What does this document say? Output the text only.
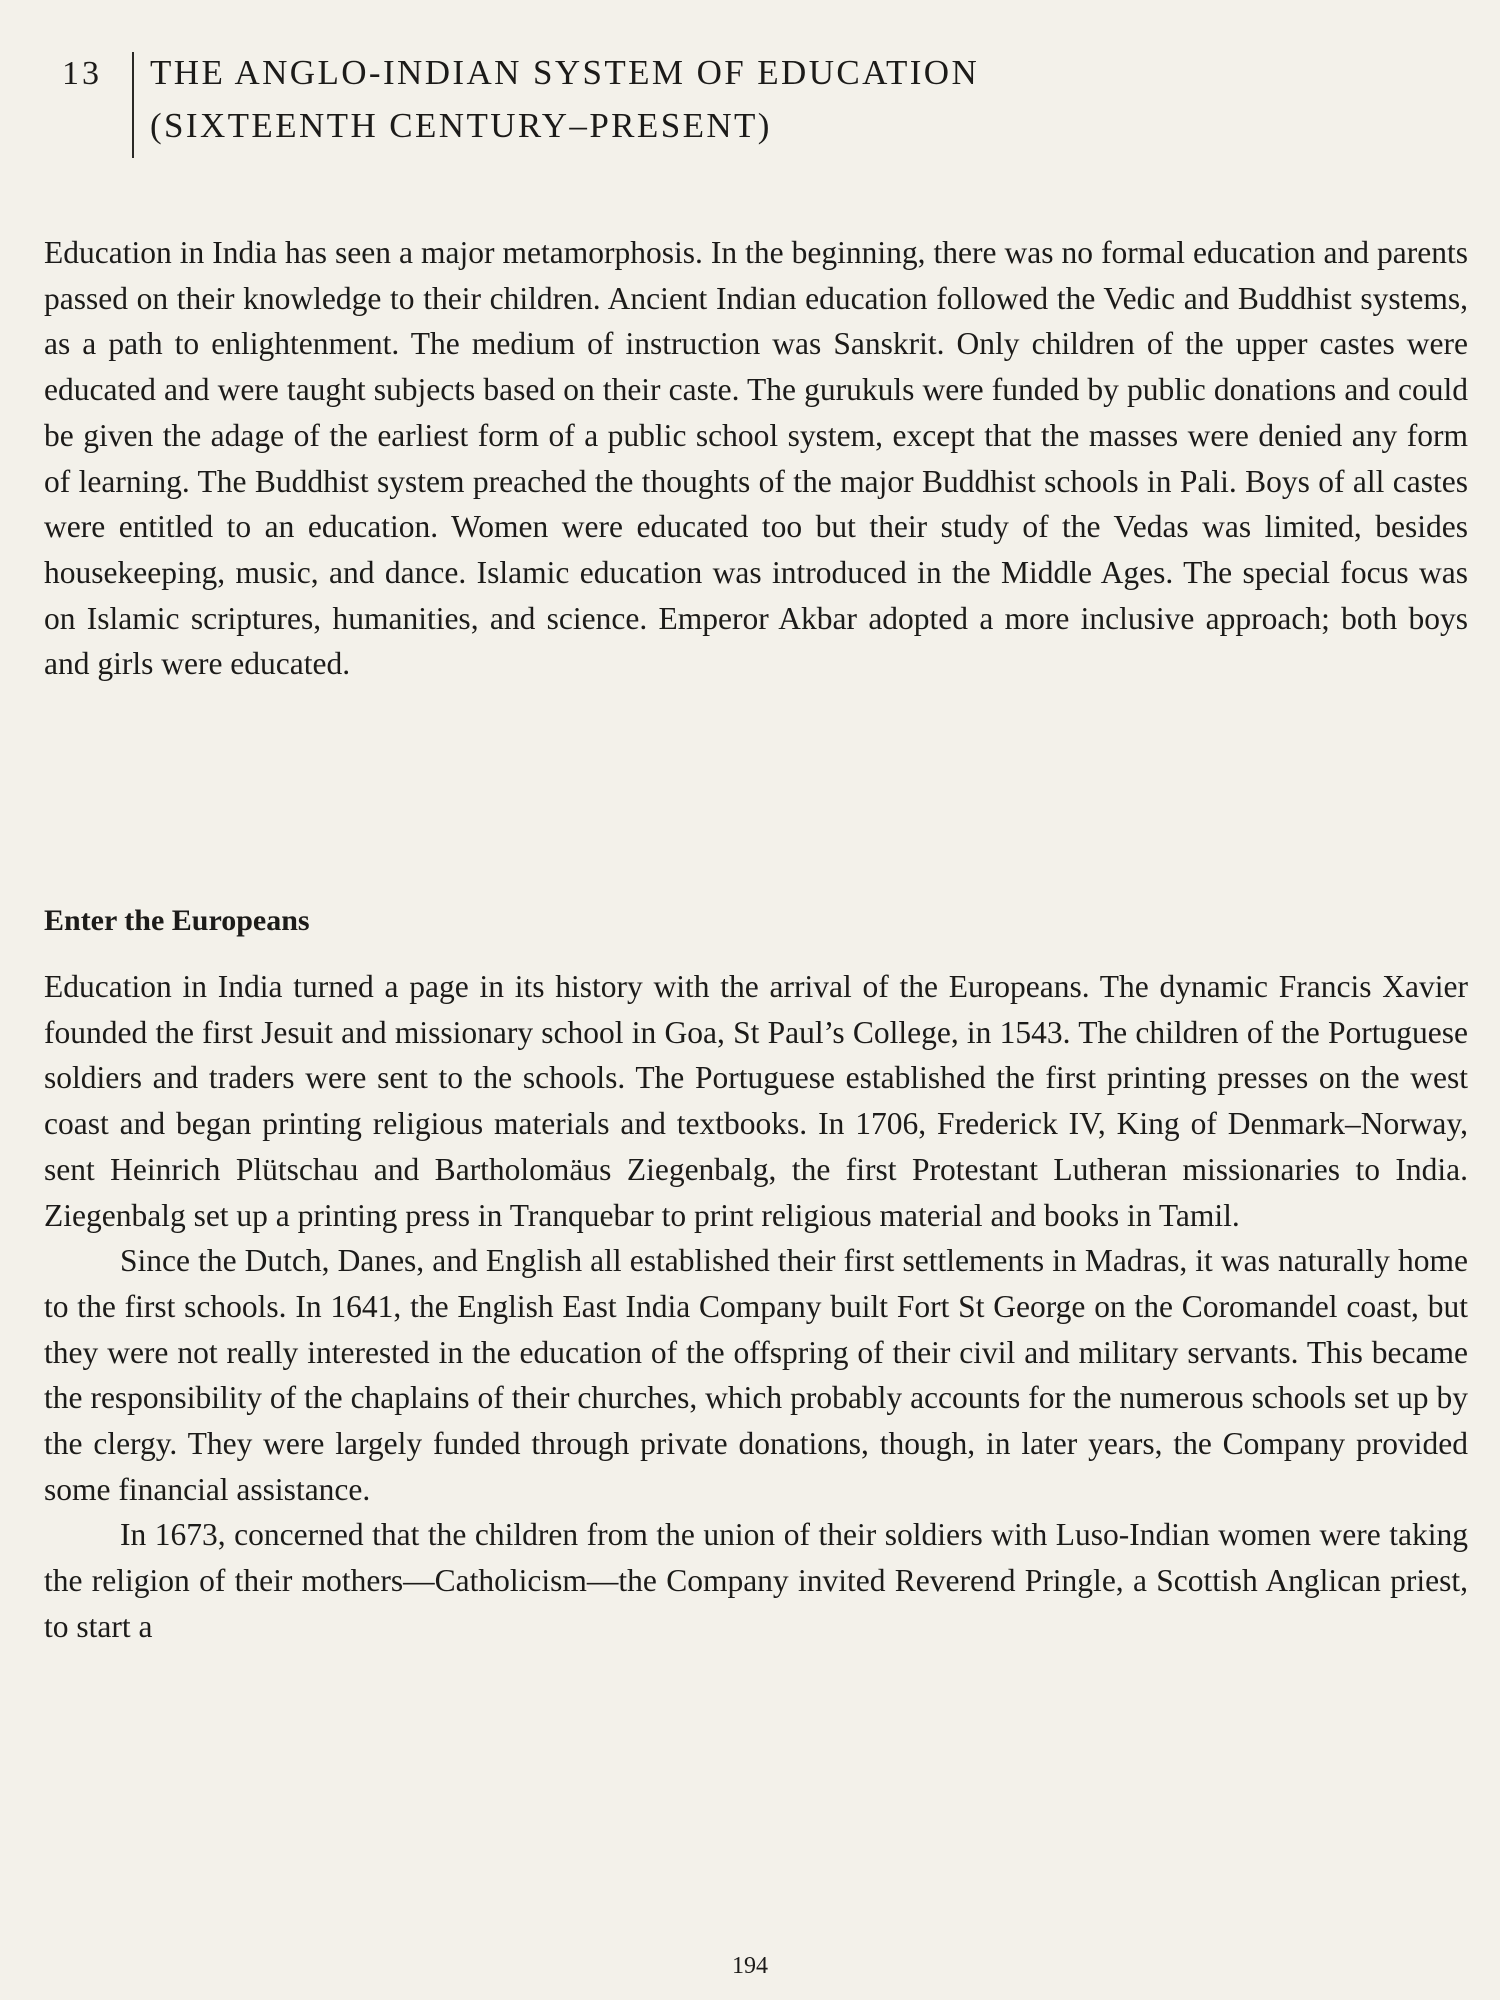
13	THE ANGLO-INDIAN SYSTEM OF EDUCATION
(SIXTEENTH CENTURY–PRESENT)

Education in India has seen a major metamorphosis. In the beginning, there was no formal education and parents passed on their knowledge to their children. Ancient Indian education followed the Vedic and Buddhist systems, as a path to enlightenment. The medium of instruction was Sanskrit. Only children of the upper castes were educated and were taught subjects based on their caste. The gurukuls were funded by public donations and could be given the adage of the earliest form of a public school system, except that the masses were denied any form of learning. The Buddhist system preached the thoughts of the major Buddhist schools in Pali. Boys of all castes were entitled to an education. Women were educated too but their study of the Vedas was limited, besides housekeeping, music, and dance. Islamic education was introduced in the Middle Ages. The special focus was on Islamic scriptures, humanities, and science. Emperor Akbar adopted a more inclusive approach; both boys and girls were educated.

Enter the Europeans

Education in India turned a page in its history with the arrival of the Europeans. The dynamic Francis Xavier founded the first Jesuit and missionary school in Goa, St Paul’s College, in 1543. The children of the Portuguese soldiers and traders were sent to the schools. The Portuguese established the first printing presses on the west coast and began printing religious materials and textbooks. In 1706, Frederick IV, King of Denmark–Norway, sent Heinrich Plütschau and Bartholomäus Ziegenbalg, the first Protestant Lutheran missionaries to India. Ziegenbalg set up a printing press in Tranquebar to print religious material and books in Tamil.

Since the Dutch, Danes, and English all established their first settlements in Madras, it was naturally home to the first schools. In 1641, the English East India Company built Fort St George on the Coromandel coast, but they were not really interested in the education of the offspring of their civil and military servants. This became the responsibility of the chaplains of their churches, which probably accounts for the numerous schools set up by the clergy. They were largely funded through private donations, though, in later years, the Company provided some financial assistance.

In 1673, concerned that the children from the union of their soldiers with Luso-Indian women were taking the religion of their mothers—Catholicism—the Company invited Reverend Pringle, a Scottish Anglican priest, to start a

194
